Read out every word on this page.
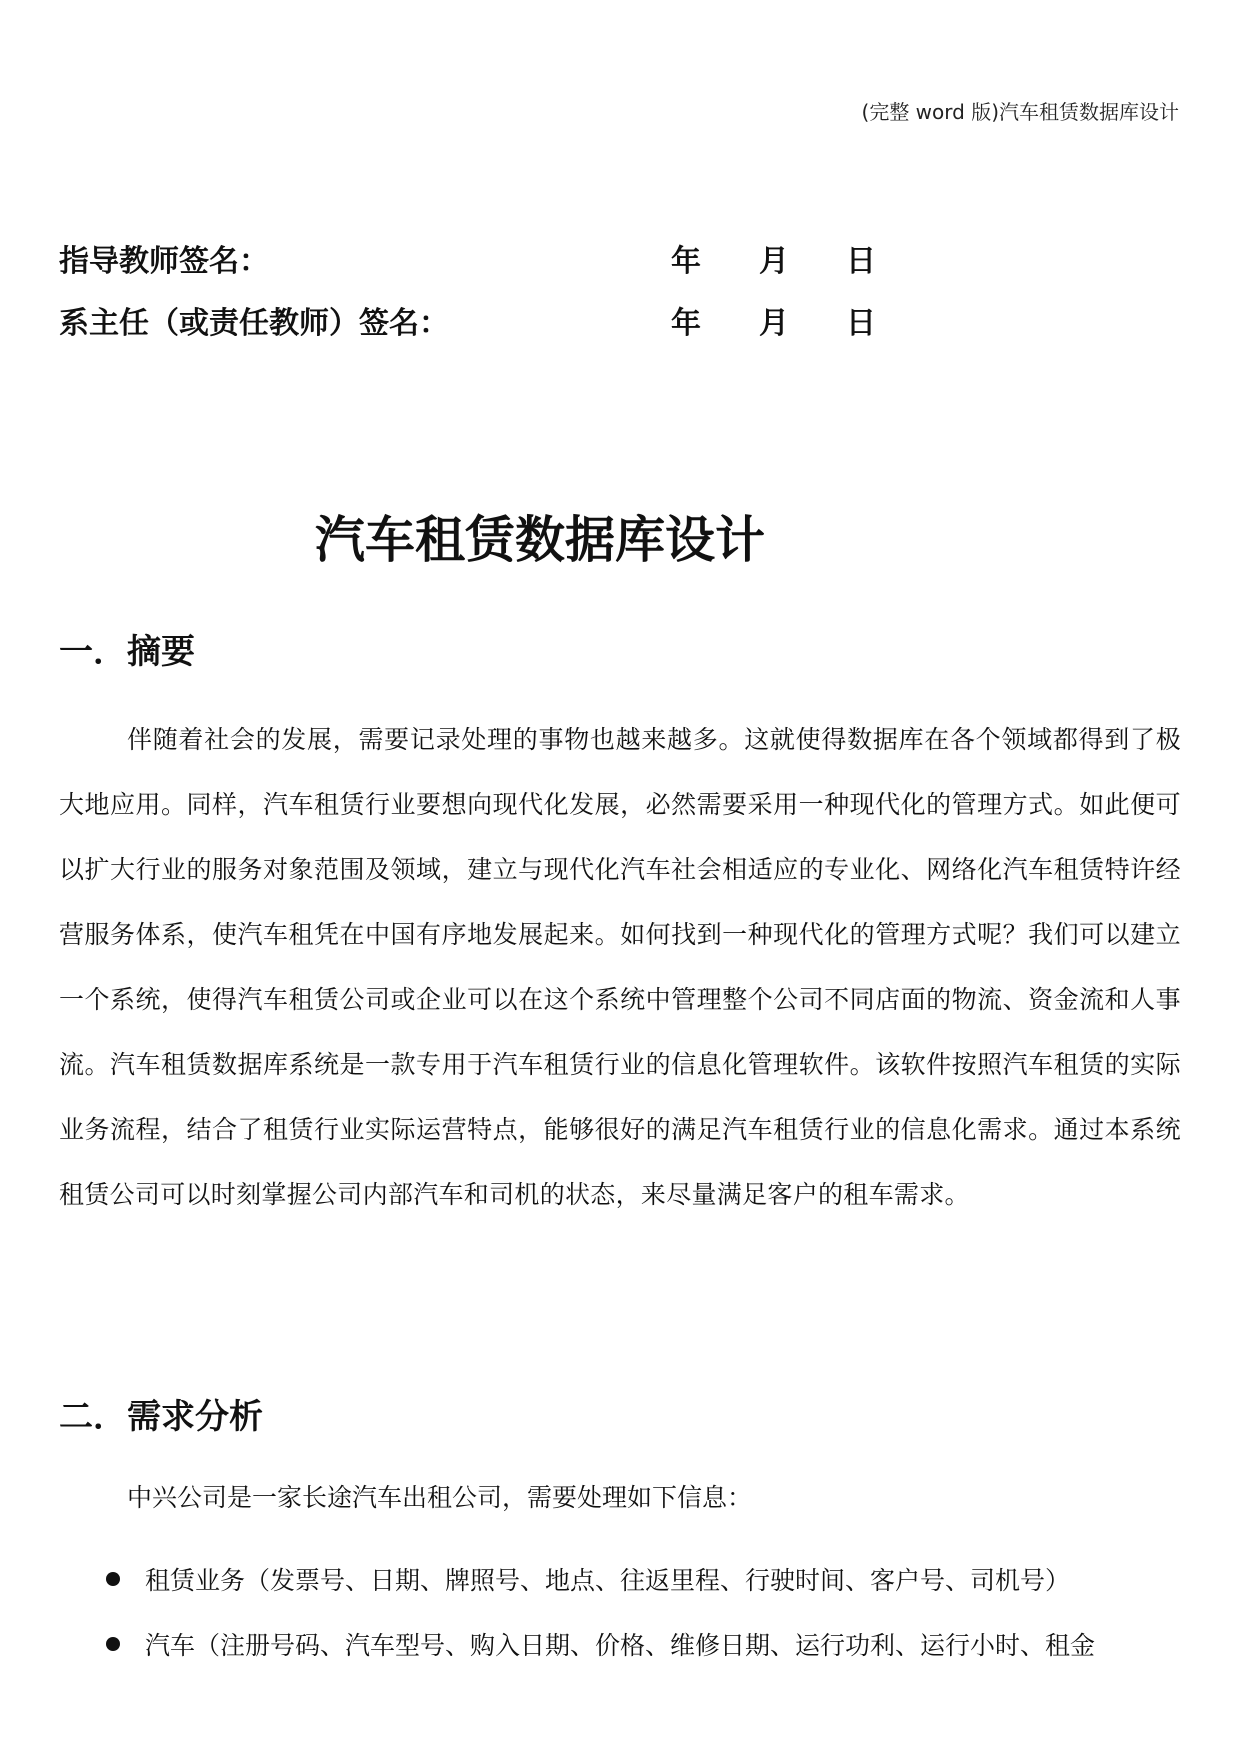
(完整 word 版)汽车租赁数据库设计
指导教师签名：	年 月 日
系主任（或责任教师）签名：	年 月 日
汽车租赁数据库设计
一．摘要

伴随着社会的发展，需要记录处理的事物也越来越多。这就使得数据库在各个领域都得到了极大地应用。同样，汽车租赁行业要想向现代化发展，必然需要采用一种现代化的管理方式。如此便可以扩大行业的服务对象范围及领域，建立与现代化汽车社会相适应的专业化、网络化汽车租赁特许经营服务体系，使汽车租凭在中国有序地发展起来。如何找到一种现代化的管理方式呢？我们可以建立一个系统，使得汽车租赁公司或企业可以在这个系统中管理整个公司不同店面的物流、资金流和人事流。汽车租赁数据库系统是一款专用于汽车租赁行业的信息化管理软件。该软件按照汽车租赁的实际业务流程，结合了租赁行业实际运营特点，能够很好的满足汽车租赁行业的信息化需求。通过本系统租赁公司可以时刻掌握公司内部汽车和司机的状态，来尽量满足客户的租车需求。

二．需求分析
中兴公司是一家长途汽车出租公司，需要处理如下信息：
租赁业务（发票号、日期、牌照号、地点、往返里程、行驶时间、客户号、司机号）
汽车（注册号码、汽车型号、购入日期、价格、维修日期、运行功利、运行小时、租金
